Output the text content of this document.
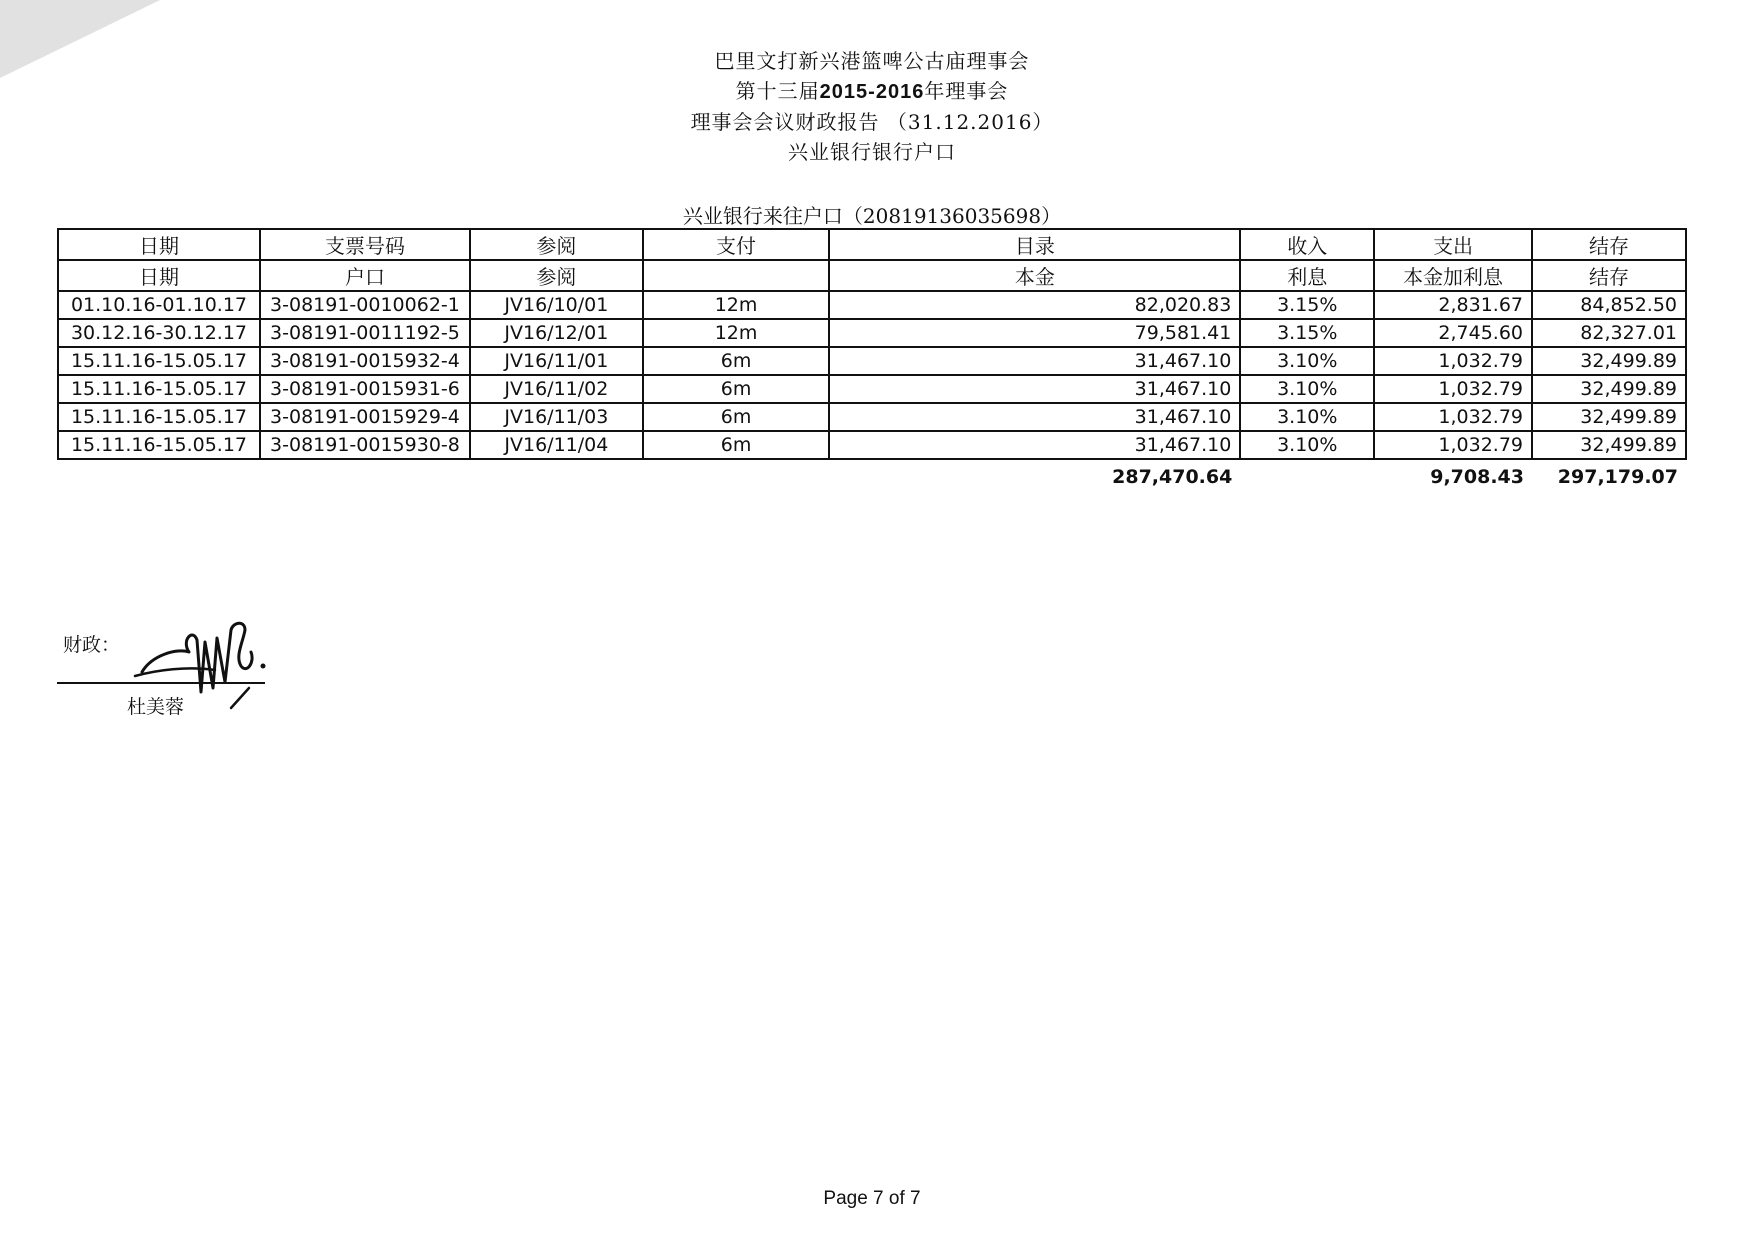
巴里文打新兴港篮啤公古庙理事会
第十三届2015-2016年理事会
理事会会议财政报告 （31.12.2016）
兴业银行银行户口
兴业银行来往户口（20819136035698）
日期	支票号码	参阅	支付	目录	收入	支出	结存
日期	户口	参阅		本金	利息	本金加利息	结存
01.10.16-01.10.17	3-08191-0010062-1	JV16/10/01	12m	82,020.83	3.15%	2,831.67	84,852.50
30.12.16-30.12.17	3-08191-0011192-5	JV16/12/01	12m	79,581.41	3.15%	2,745.60	82,327.01
15.11.16-15.05.17	3-08191-0015932-4	JV16/11/01	6m	31,467.10	3.10%	1,032.79	32,499.89
15.11.16-15.05.17	3-08191-0015931-6	JV16/11/02	6m	31,467.10	3.10%	1,032.79	32,499.89
15.11.16-15.05.17	3-08191-0015929-4	JV16/11/03	6m	31,467.10	3.10%	1,032.79	32,499.89
15.11.16-15.05.17	3-08191-0015930-8	JV16/11/04	6m	31,467.10	3.10%	1,032.79	32,499.89
				287,470.64		9,708.43	297,179.07
财政：
杜美蓉
Page 7 of 7
